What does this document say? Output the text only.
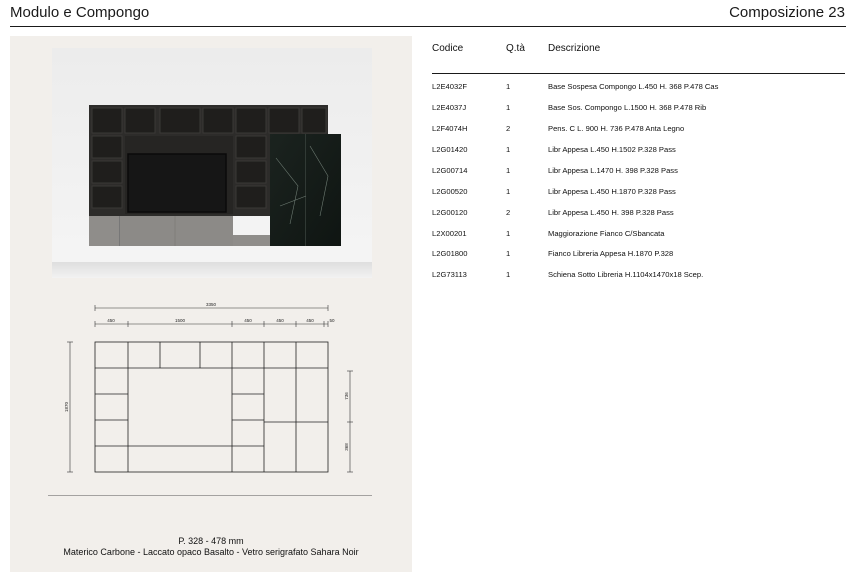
Modulo e Compongo	Composizione 23
3350
450	1500	450	450	450	50
1870
736
368
P. 328 - 478 mm
Materico Carbone - Laccato opaco Basalto - Vetro serigrafato Sahara Noir
Codice	Q.tà Descrizione
L2E4032F	1	Base Sospesa Compongo L.450 H. 368 P.478 Cas
L2E4037J	1	Base Sos. Compongo L.1500 H. 368 P.478 Rib
L2F4074H	2	Pens. C L. 900 H. 736 P.478 Anta Legno
L2G01420	1	Libr Appesa L.450 H.1502 P.328 Pass
L2G00714	1	Libr Appesa L.1470 H. 398 P.328 Pass
L2G00520	1	Libr Appesa L.450 H.1870 P.328 Pass
L2G00120	2	Libr Appesa L.450 H. 398 P.328 Pass
L2X00201	1	Maggiorazione Fianco C/Sbancata
L2G01800	1	Fianco Libreria Appesa H.1870 P.328
L2G73113	1	Schiena Sotto Libreria H.1104x1470x18 Scep.
